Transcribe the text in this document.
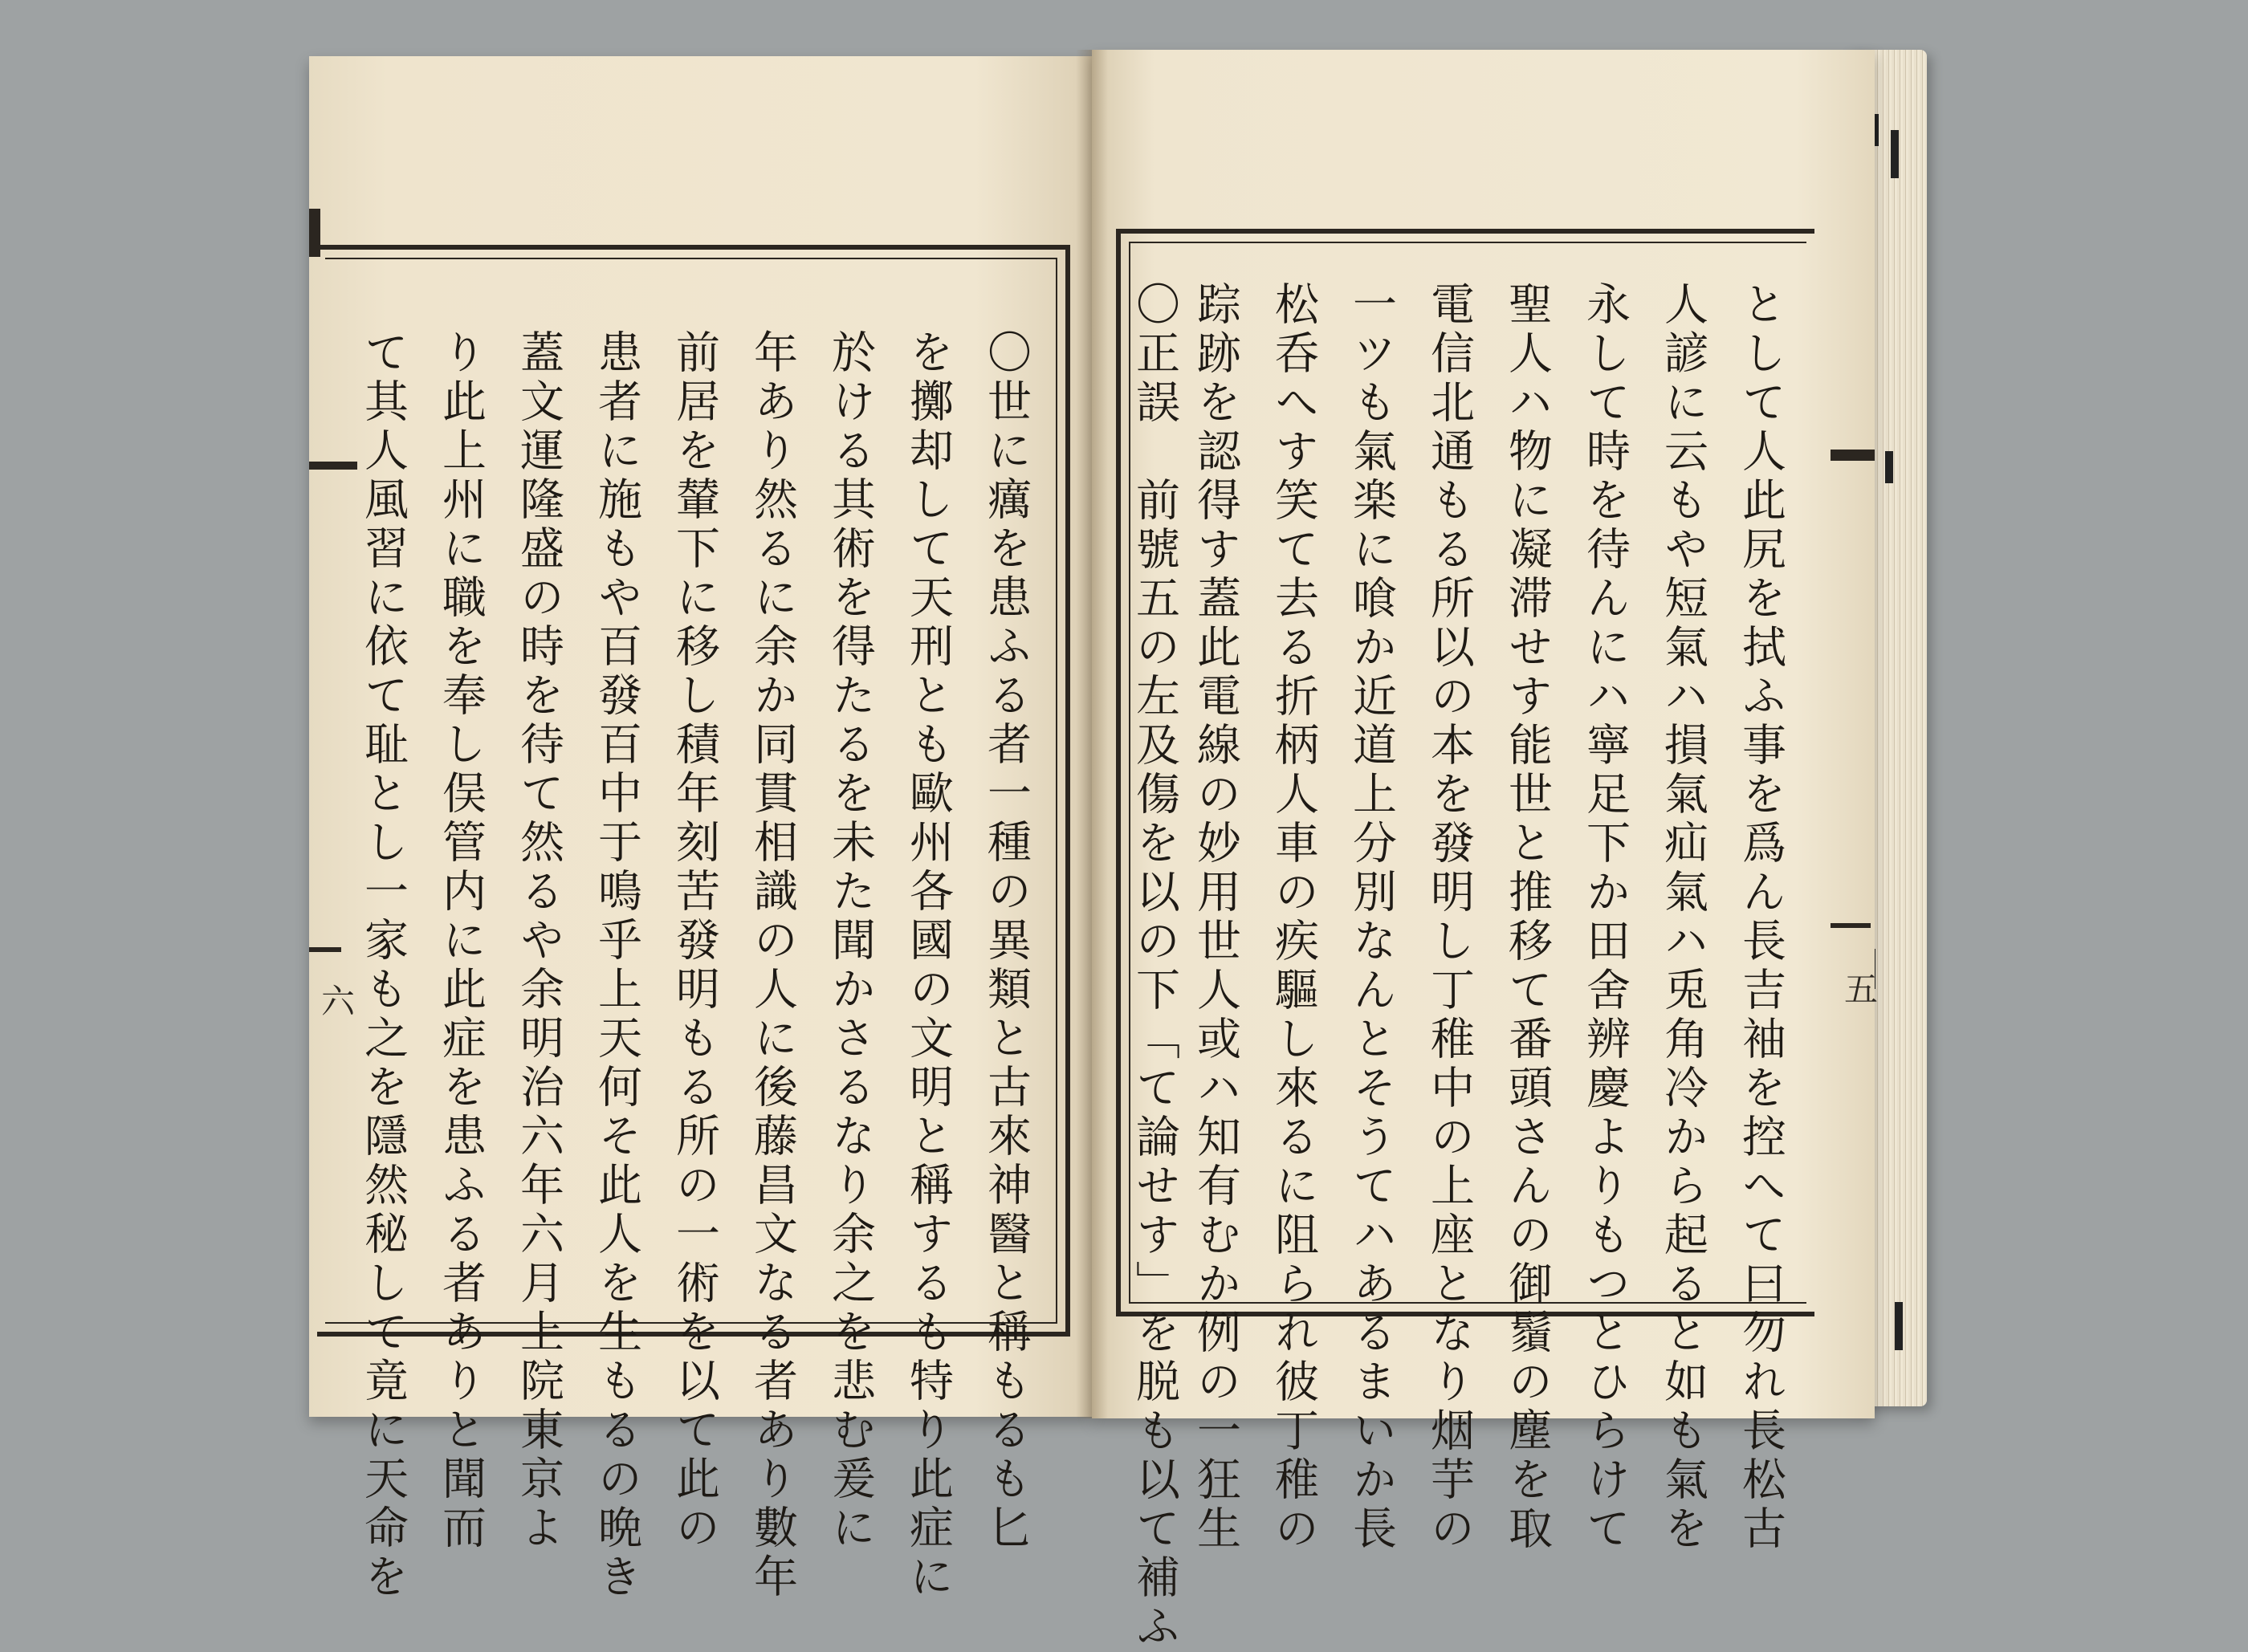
六	五
〇世に癘を患ふる者一種の異類と古來神醫と稱もるも匕
を擲却して天刑とも歐州各國の文明と稱するも特り此症に
於ける其術を得たるを未た聞かさるなり余之を悲む爰に
年あり然るに余か同貫相識の人に後藤昌文なる者あり數年
前居を輦下に移し積年刻苦發明もる所の一術を以て此の
患者に施もや百發百中于鳴乎上天何そ此人を生もるの晩き
蓋文運隆盛の時を待て然るや余明治六年六月上院東京よ
り此上州に職を奉し俣管内に此症を患ふる者ありと聞而
て其人風習に依て耻とし一家も之を隱然秘して竟に天命を	として人此尻を拭ふ事を爲ん長吉袖を控へて曰勿れ長松古
人諺に云もや短氣ハ損氣疝氣ハ兎角冷から起ると如も氣を
永して時を待んにハ寧足下か田舍辨慶よりもつとひらけて
聖人ハ物に凝滞せす能世と推移て番頭さんの御鬚の塵を取
電信北通もる所以の本を發明し丁稚中の上座となり烟芋の
一ツも氣楽に喰か近道上分別なんとそうてハあるまいか長
松呑へす笑て去る折柄人車の疾驅し來るに阻られ彼丁稚の
踪跡を認得す蓋此電線の妙用世人或ハ知有むか例の一狂生
〇正誤　前號五の左及傷を以の下「て論せす」を脱も以て補ふ
